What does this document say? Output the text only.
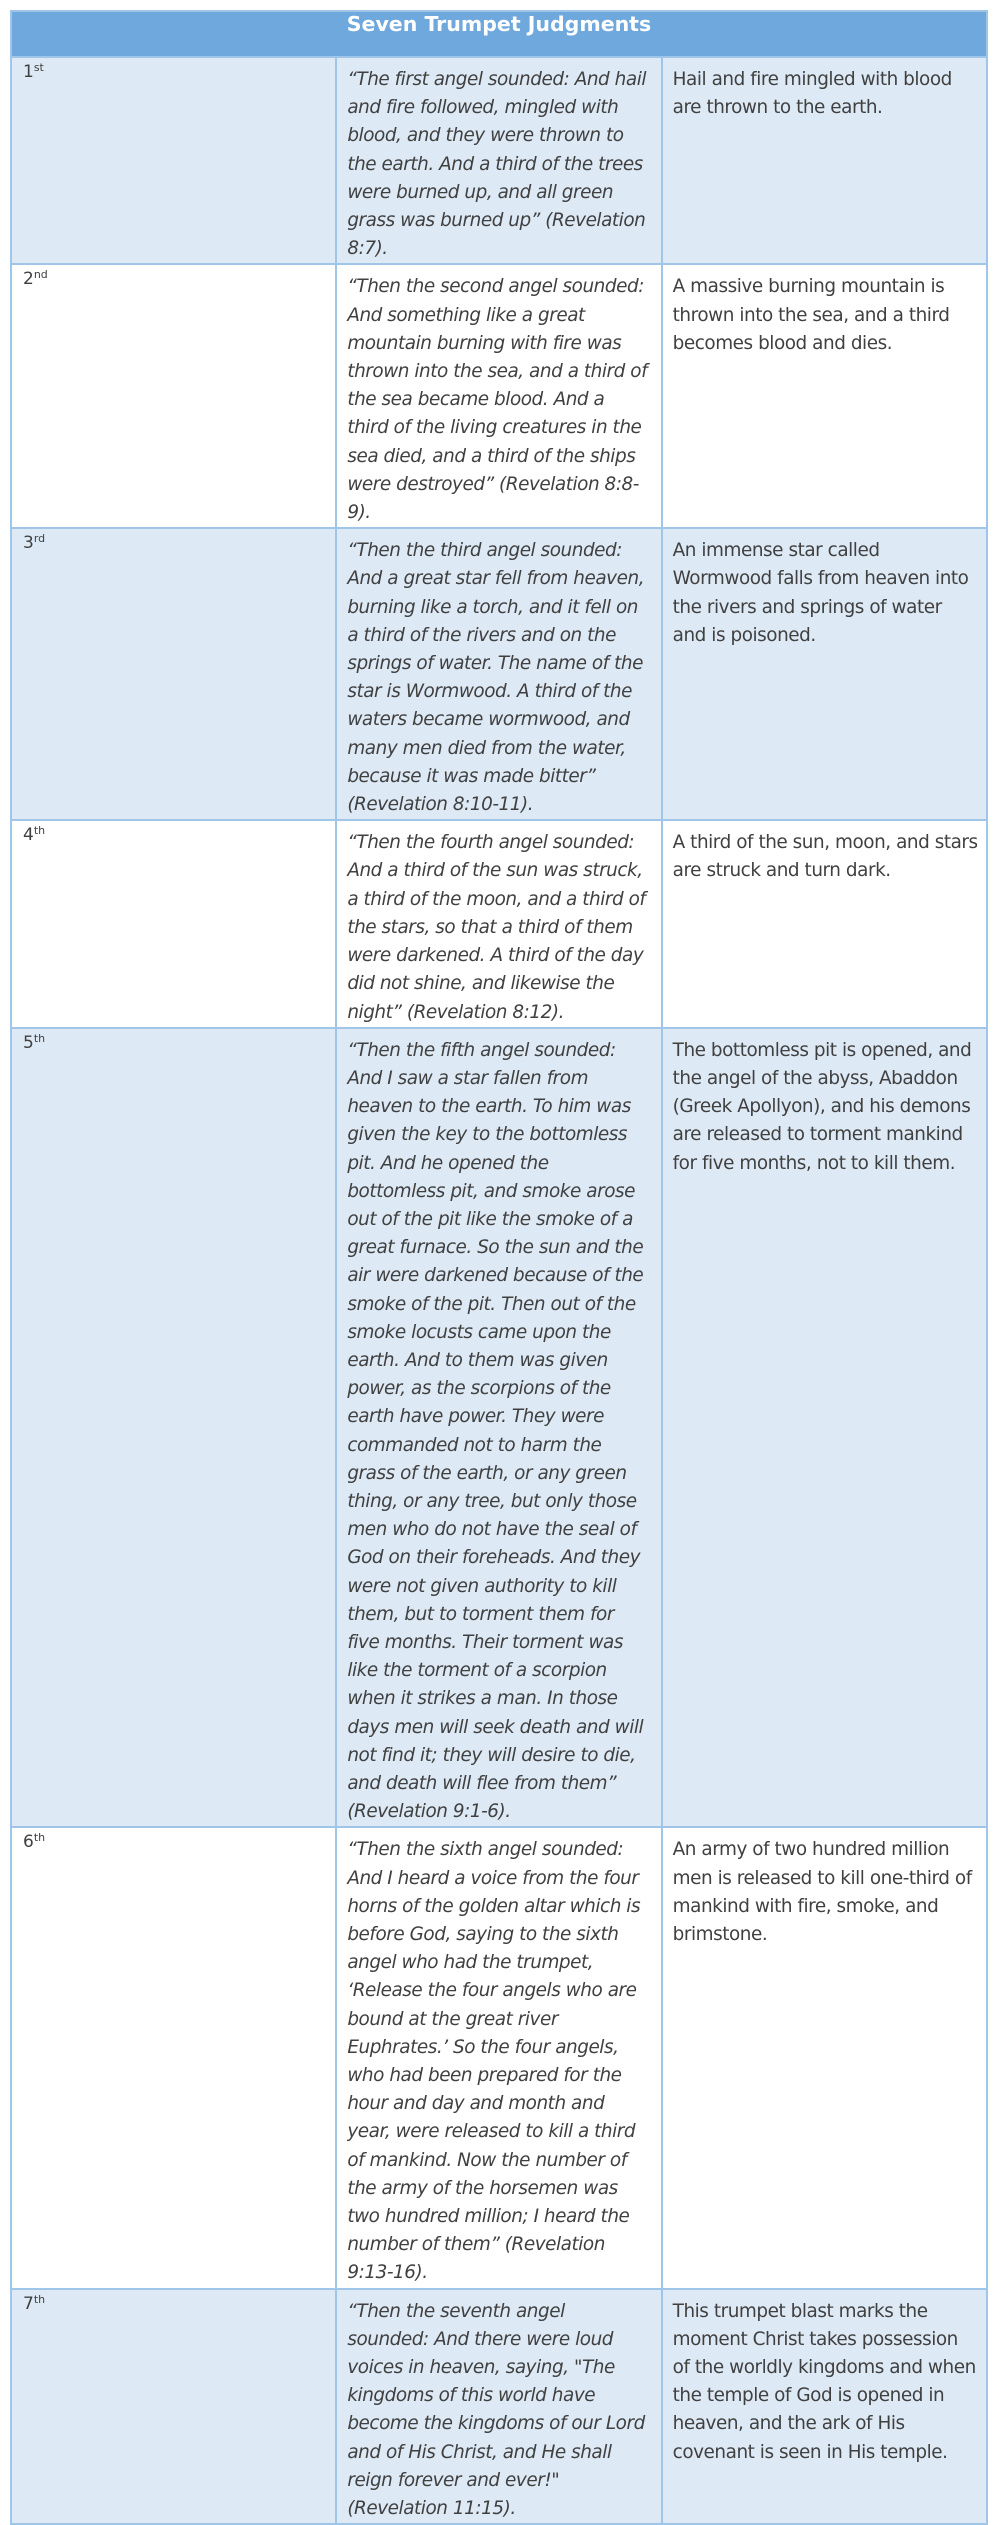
Seven Trumpet Judgments		
1st	“The first angel sounded: And hail and fire followed, mingled with blood, and they were thrown to the earth. And a third of the trees were burned up, and all green grass was burned up” (Revelation 8:7).	Hail and fire mingled with blood are thrown to the earth.
2nd	“Then the second angel sounded: And something like a great mountain burning with fire was thrown into the sea, and a third of the sea became blood. And a third of the living creatures in the sea died, and a third of the ships were destroyed” (Revelation 8:8-9).	A massive burning mountain is thrown into the sea, and a third becomes blood and dies.
3rd	“Then the third angel sounded: And a great star fell from heaven, burning like a torch, and it fell on a third of the rivers and on the springs of water. The name of the star is Wormwood. A third of the waters became wormwood, and many men died from the water, because it was made bitter” (Revelation 8:10-11).	An immense star called Wormwood falls from heaven into the rivers and springs of water and is poisoned.
4th	“Then the fourth angel sounded: And a third of the sun was struck, a third of the moon, and a third of the stars, so that a third of them were darkened. A third of the day did not shine, and likewise the night” (Revelation 8:12).	A third of the sun, moon, and stars are struck and turn dark.
5th	“Then the fifth angel sounded: And I saw a star fallen from heaven to the earth. To him was given the key to the bottomless pit. And he opened the bottomless pit, and smoke arose out of the pit like the smoke of a great furnace. So the sun and the air were darkened because of the smoke of the pit. Then out of the smoke locusts came upon the earth. And to them was given power, as the scorpions of the earth have power. They were commanded not to harm the grass of the earth, or any green thing, or any tree, but only those men who do not have the seal of God on their foreheads. And they were not given authority to kill them, but to torment them for five months. Their torment was like the torment of a scorpion when it strikes a man. In those days men will seek death and will not find it; they will desire to die, and death will flee from them” (Revelation 9:1-6).	The bottomless pit is opened, and the angel of the abyss, Abaddon (Greek Apollyon), and his demons are released to torment mankind for five months, not to kill them.
6th	“Then the sixth angel sounded: And I heard a voice from the four horns of the golden altar which is before God, saying to the sixth angel who had the trumpet, ‘Release the four angels who are bound at the great river Euphrates.’ So the four angels, who had been prepared for the hour and day and month and year, were released to kill a third of mankind. Now the number of the army of the horsemen was two hundred million; I heard the number of them” (Revelation 9:13-16).	An army of two hundred million men is released to kill one-third of mankind with fire, smoke, and brimstone.
7th	“Then the seventh angel sounded: And there were loud voices in heaven, saying, "The kingdoms of this world have become the kingdoms of our Lord and of His Christ, and He shall reign forever and ever!" (Revelation 11:15).	This trumpet blast marks the moment Christ takes possession of the worldly kingdoms and when the temple of God is opened in heaven, and the ark of His covenant is seen in His temple.
